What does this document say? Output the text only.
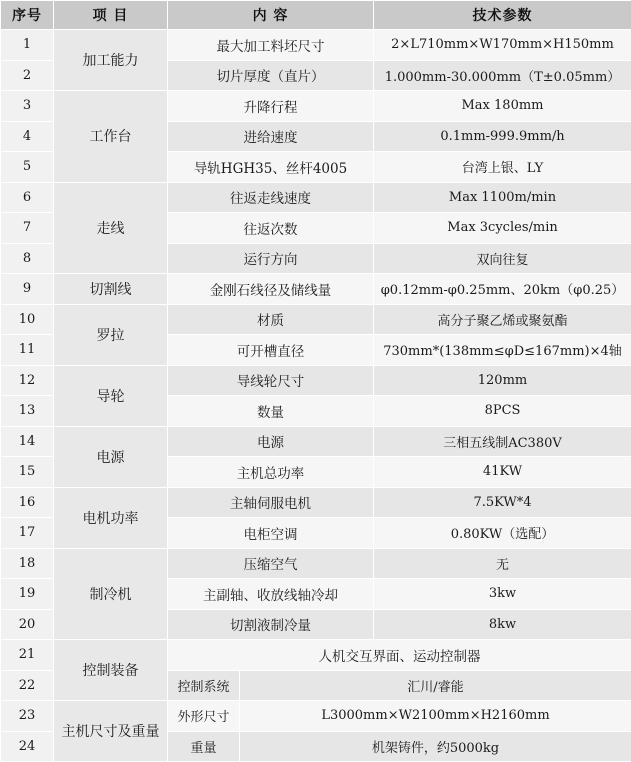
序号	项 目	内 容		技术参数
1	加工能力	最大加工料坯尺寸		2×L710mm×W170mm×H150mm
2		切片厚度（直片）		1.000mm-30.000mm（T±0.05mm）
3	工作台	升降行程		Max 180mm
4		进给速度		0.1mm-999.9mm/h
5		导轨HGH35、丝杆4005		台湾上银、LY
6	走线	往返走线速度		Max 1100m/min
7		往返次数		Max 3cycles/min
8		运行方向		双向往复
9	切割线	金刚石线径及储线量		φ0.12mm-φ0.25mm、20km（φ0.25）
10	罗拉	材质		高分子聚乙烯或聚氨酯
11		可开槽直径		730mm*(138mm≤φD≤167mm)×4轴
12	导轮	导线轮尺寸		120mm
13		数量		8PCS
14	电源	电源		三相五线制AC380V
15		主机总功率		41KW
16	电机功率	主轴伺服电机		7.5KW*4
17		电柜空调		0.80KW（选配）
18	制冷机	压缩空气		无
19		主副轴、收放线轴冷却		3kw
20		切割液制冷量		8kw
21	控制装备	人机交互界面、运动控制器		
22		控制系统	汇川/睿能	
23	主机尺寸及重量	外形尺寸	L3000mm×W2100mm×H2160mm	
24		重量	机架铸件，约5000kg	
